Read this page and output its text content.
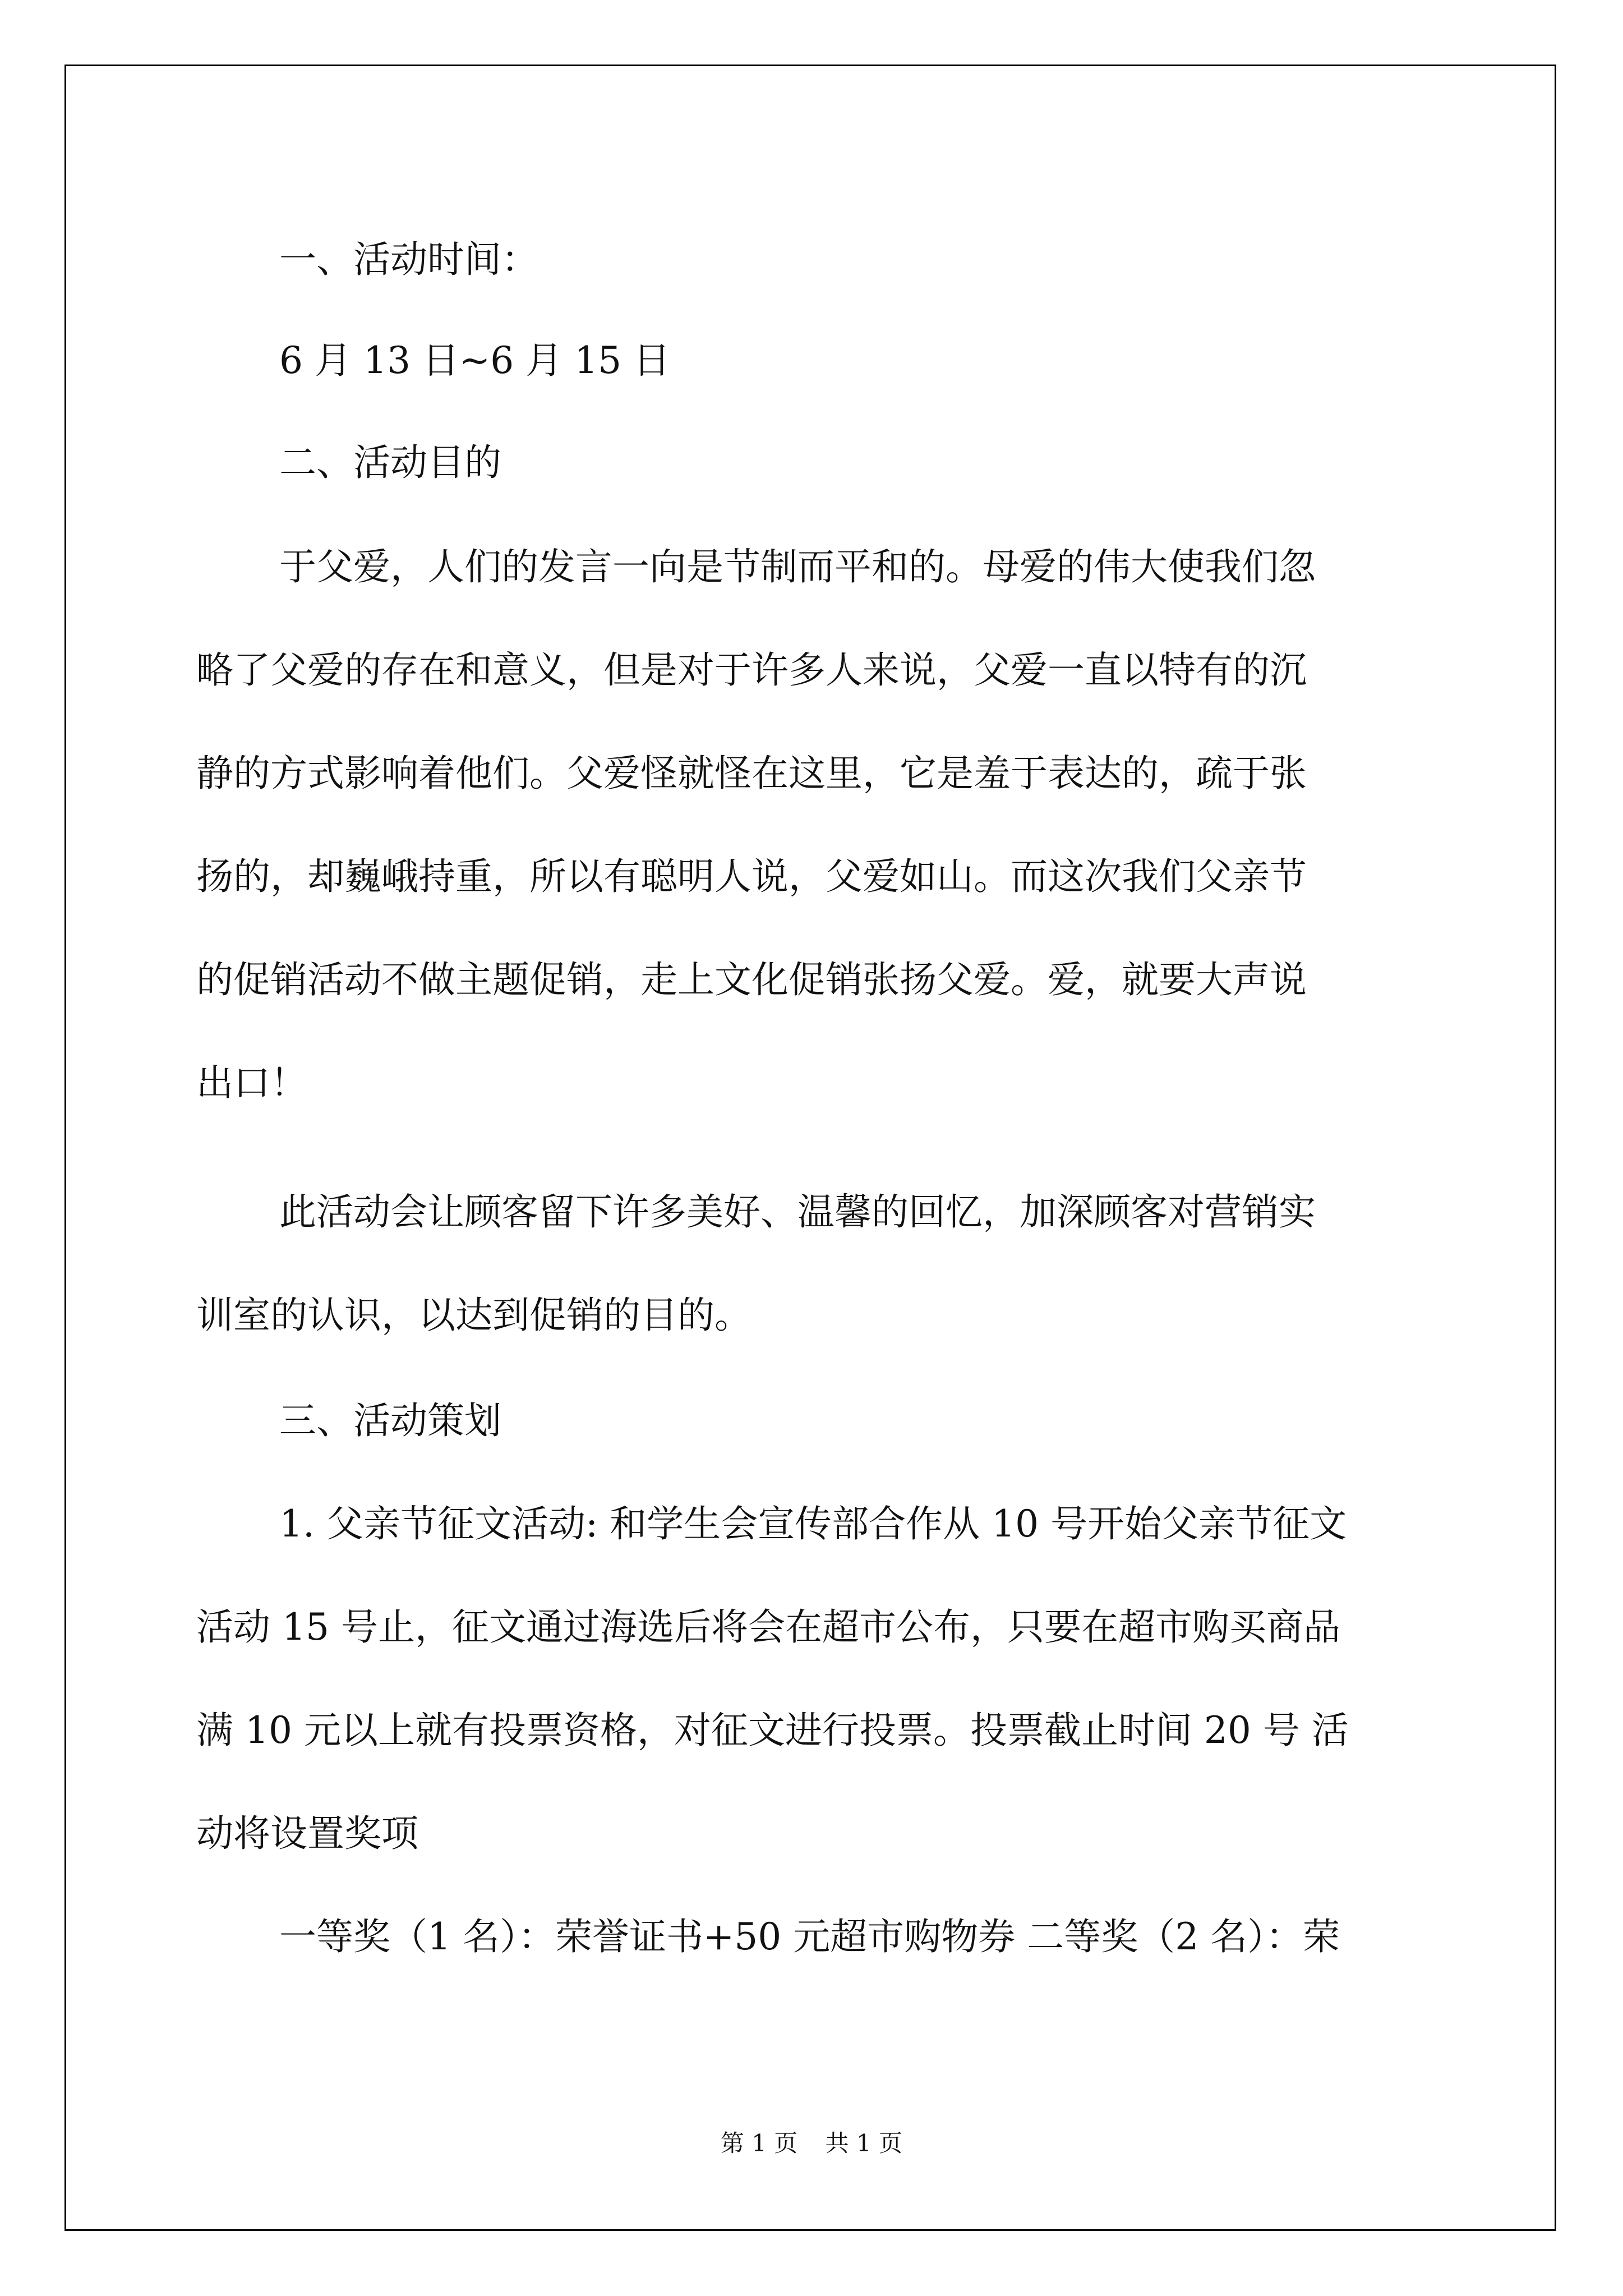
一、活动时间：

6 月 13 日~6 月 15 日

二、活动目的

于父爱，人们的发言一向是节制而平和的。母爱的伟大使我们忽

略了父爱的存在和意义，但是对于许多人来说，父爱一直以特有的沉

静的方式影响着他们。父爱怪就怪在这里，它是羞于表达的，疏于张

扬的，却巍峨持重，所以有聪明人说，父爱如山。而这次我们父亲节

的促销活动不做主题促销，走上文化促销张扬父爱。爱，就要大声说

出口！

此活动会让顾客留下许多美好、温馨的回忆，加深顾客对营销实

训室的认识，以达到促销的目的。

三、活动策划

1. 父亲节征文活动: 和学生会宣传部合作从 10 号开始父亲节征文

活动 15 号止，征文通过海选后将会在超市公布，只要在超市购买商品

满 10 元以上就有投票资格，对征文进行投票。投票截止时间 20 号 活

动将设置奖项

一等奖（1 名）：荣誉证书+50 元超市购物券 二等奖（2 名）：荣

第 1 页 共 1 页
